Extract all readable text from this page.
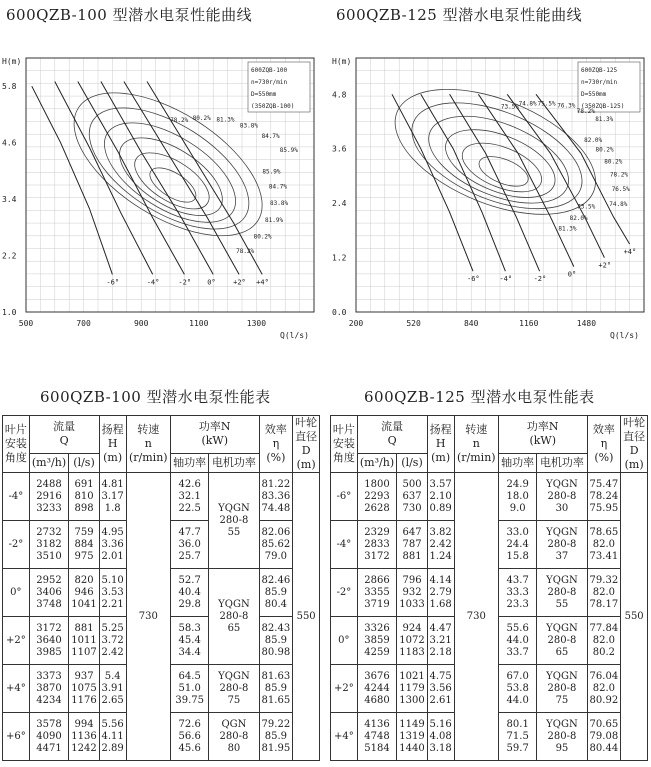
600QZB-100 型潜水电泵性能曲线	600QZB-125 型潜水电泵性能曲线
500	700	900	1100	1300
1.0
2.2
3.4
4.6
5.8
H(m)
Q(l/s)
600ZQB-100
n=730r/min
D=550mm
(350ZQB-100)
-6°	-4°	-2° 0° +2° +4°
78.2% 80.2% 81.3%
83.8%
84.7%
85.9%
85.9%
84.7%
83.8%
81.9%
80.2%
78.2%
200	520	840	1160	1480
0.0
1.2
2.4
3.6
4.8
H(m)
Q(l/s)
600ZQB-125
n=730r/min
D=550mm
(350ZQB-125)
-6°	-4°	-2°
0°
+2°
+4°
73.5% 74.8% 75.5% 76.3%
78.2%
81.3%
82.0%
80.2%
80.2%
78.2%
76.5%
74.8%
73.5%
82.0%
81.3%
600QZB-100 型潜水电泵性能表	600QZB-125 型潜水电泵性能表
叶片
安装
角度	流量
Q		扬程
H
(m)	转速
n
(r/min)	功率N
(kW)		效率
η
(%)	叶轮
直径
D
(m)
	(m³/h)	(l/s)			轴功率	电机功率		
-4°	2488
2916
3233	691
810
898	4.81
3.17
1.8	730	42.6
32.1
22.5	YQGN
280-8
55	81.22
83.36
74.48	550
-2°	2732
3182
3510	759
884
975	4.95
3.36
2.01		47.7
36.0
25.7		82.06
85.62
79.0	
0°	2952
3406
3748	820
946
1041	5.10
3.53
2.21		52.7
40.4
29.8	YQGN
280-8
65	82.46
85.9
80.4	
+2°	3172
3640
3985	881
1011
1107	5.25
3.72
2.42		58.3
45.4
34.4		82.43
85.9
80.98	
+4°	3373
3870
4234	937
1075
1176	5.4
3.91
2.65		64.5
51.0
39.75	YQGN
280-8
75	81.63
85.9
81.65	
+6°	3578
4090
4471	994
1136
1242	5.56
4.11
2.89		72.6
56.6
45.6	QGN
280-8
80	79.22
85.9
81.95	
叶片
安装
角度	流量
Q		扬程
H
(m)	转速
n
(r/min)	功率N
(kW)		效率
η
(%)	叶轮
直径
D
(m)
	(m³/h)	(l/s)			轴功率	电机功率		
-6°	1800
2293
2628	500
637
730	3.57
2.10
0.89	730	24.9
18.0
9.0	YQGN
280-8
30	75.47
78.24
75.95	550
-4°	2329
2833
3172	647
787
881	3.82
2.42
1.24		33.0
24.4
15.8	YQGN
280-8
37	78.65
82.0
73.41	
-2°	2866
3355
3719	796
932
1033	4.14
2.79
1.68		43.7
33.3
23.3	YQGN
280-8
55	79.32
82.0
78.17	
0°	3326
3859
4259	924
1072
1183	4.47
3.21
2.18		55.6
44.0
33.7	YQGN
280-8
65	77.84
82.0
80.2	
+2°	3676
4244
4680	1021
1179
1300	4.75
3.56
2.61		67.0
53.8
44.0	YQGN
280-8
75	76.04
82.0
80.92	
+4°	4136
4748
5184	1149
1319
1440	5.16
4.08
3.18		80.1
71.5
59.7	YQGN
280-8
95	70.65
79.08
80.44	
